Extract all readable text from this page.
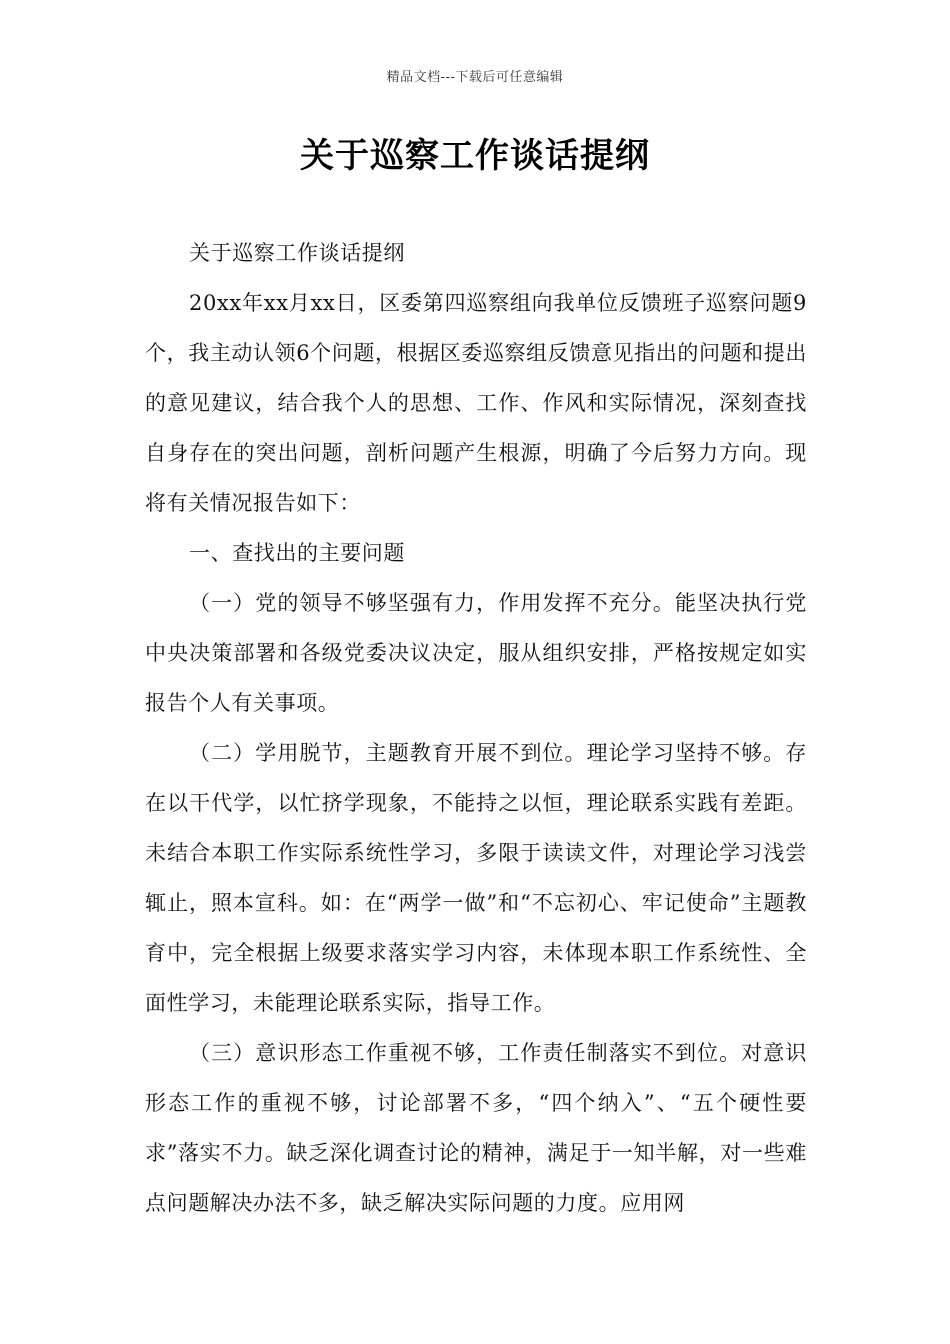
精品文档---下载后可任意编辑
关于巡察工作谈话提纲

关于巡察工作谈话提纲

20xx年xx月xx日，区委第四巡察组向我单位反馈班子巡察问题9个，我主动认领6个问题，根据区委巡察组反馈意见指出的问题和提出的意见建议，结合我个人的思想、工作、作风和实际情况，深刻查找自身存在的突出问题，剖析问题产生根源，明确了今后努力方向。现将有关情况报告如下：

一、查找出的主要问题

（一）党的领导不够坚强有力，作用发挥不充分。能坚决执行党中央决策部署和各级党委决议决定，服从组织安排，严格按规定如实报告个人有关事项。

（二）学用脱节，主题教育开展不到位。理论学习坚持不够。存在以干代学，以忙挤学现象，不能持之以恒，理论联系实践有差距。未结合本职工作实际系统性学习，多限于读读文件，对理论学习浅尝辄止，照本宣科。如：在“两学一做”和“不忘初心、牢记使命”主题教育中，完全根据上级要求落实学习内容，未体现本职工作系统性、全面性学习，未能理论联系实际，指导工作。

（三）意识形态工作重视不够，工作责任制落实不到位。对意识形态工作的重视不够，讨论部署不多，“四个纳入”、“五个硬性要求”落实不力。缺乏深化调查讨论的精神，满足于一知半解，对一些难点问题解决办法不多，缺乏解决实际问题的力度。应用网
